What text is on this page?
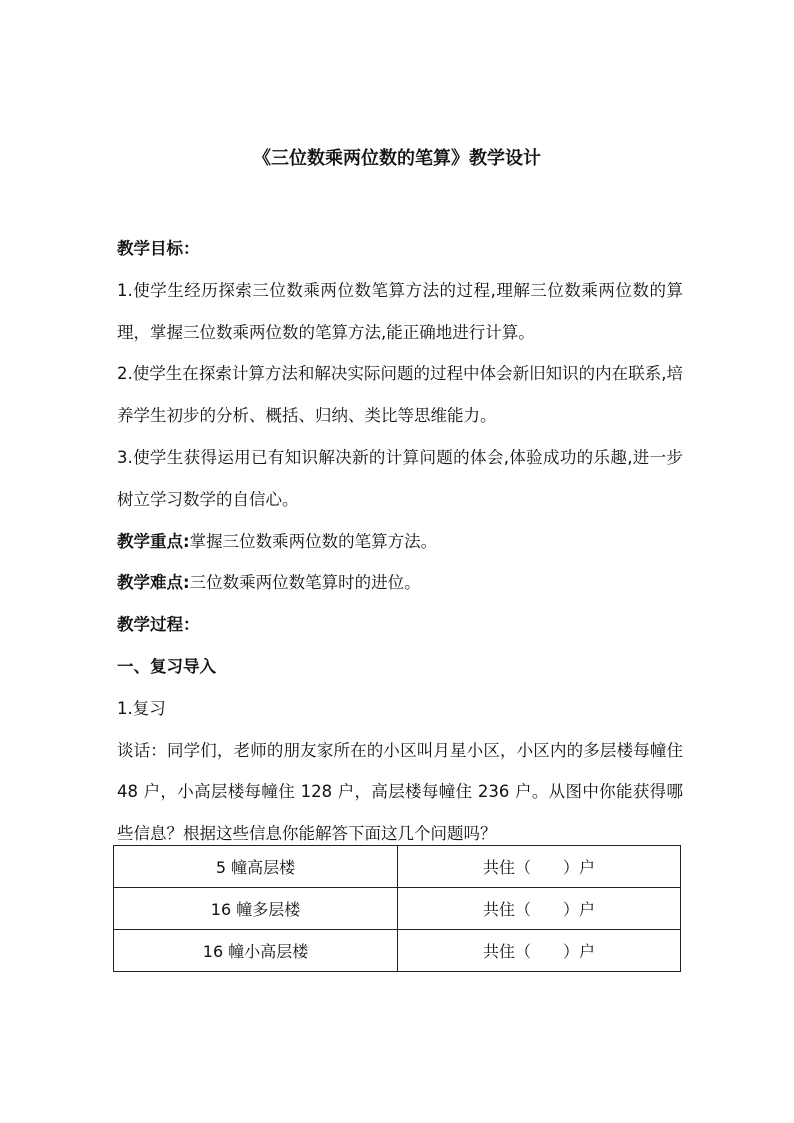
《三位数乘两位数的笔算》教学设计

教学目标：

1.使学生经历探索三位数乘两位数笔算方法的过程,理解三位数乘两位数的算理，掌握三位数乘两位数的笔算方法,能正确地进行计算。

2.使学生在探索计算方法和解决实际问题的过程中体会新旧知识的内在联系,培养学生初步的分析、概括、归纳、类比等思维能力。

3.使学生获得运用已有知识解决新的计算问题的体会,体验成功的乐趣,进一步树立学习数学的自信心。

教学重点:掌握三位数乘两位数的笔算方法。

教学难点:三位数乘两位数笔算时的进位。

教学过程：

一、复习导入

1.复习

谈话：同学们，老师的朋友家所在的小区叫月星小区，小区内的多层楼每幢住 48 户，小高层楼每幢住 128 户，高层楼每幢住 236 户。从图中你能获得哪些信息？根据这些信息你能解答下面这几个问题吗？

5 幢高层楼	共住（　　）户
16 幢多层楼	共住（　　）户
16 幢小高层楼	共住（　　）户
